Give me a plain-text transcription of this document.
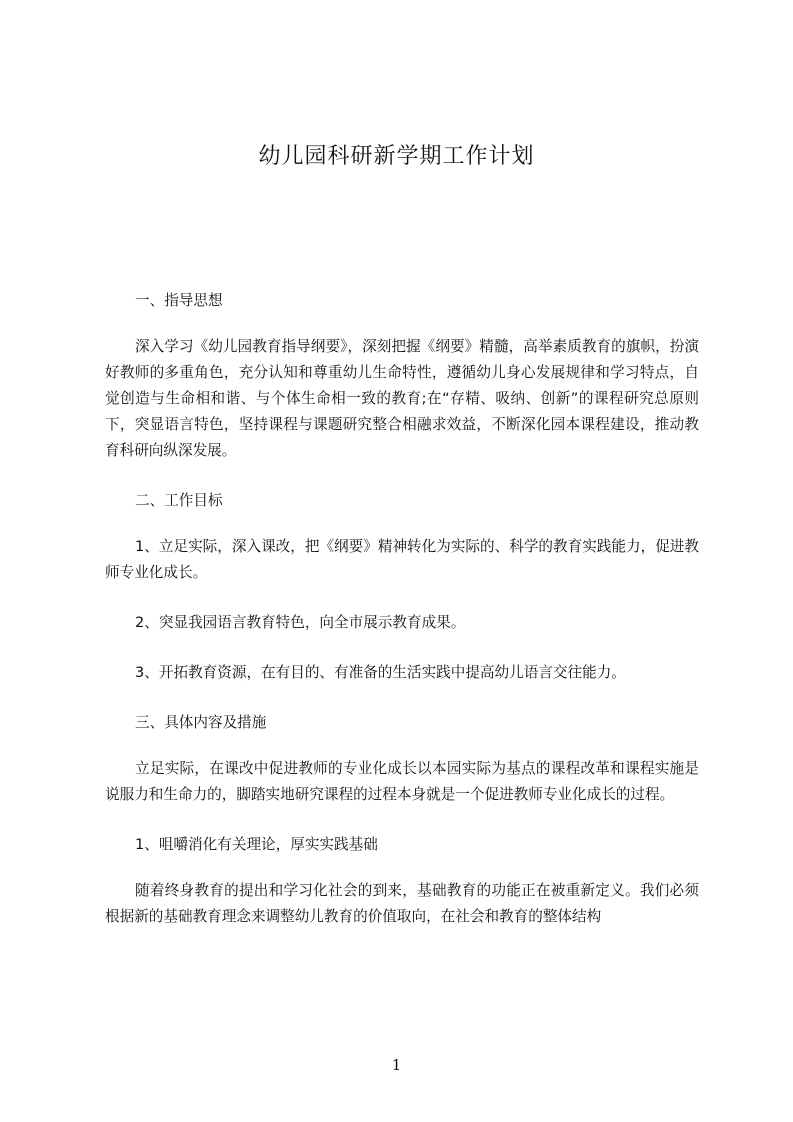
幼儿园科研新学期工作计划

一、指导思想

深入学习《幼儿园教育指导纲要》，深刻把握《纲要》精髓，高举素质教育的旗帜，扮演好教师的多重角色，充分认知和尊重幼儿生命特性，遵循幼儿身心发展规律和学习特点，自觉创造与生命相和谐、与个体生命相一致的教育;在“存精、吸纳、创新”的课程研究总原则下，突显语言特色，坚持课程与课题研究整合相融求效益，不断深化园本课程建设，推动教育科研向纵深发展。

二、工作目标

1、立足实际，深入课改，把《纲要》精神转化为实际的、科学的教育实践能力，促进教师专业化成长。

2、突显我园语言教育特色，向全市展示教育成果。

3、开拓教育资源，在有目的、有准备的生活实践中提高幼儿语言交往能力。

三、具体内容及措施

立足实际，在课改中促进教师的专业化成长以本园实际为基点的课程改革和课程实施是说服力和生命力的，脚踏实地研究课程的过程本身就是一个促进教师专业化成长的过程。

1、咀嚼消化有关理论，厚实实践基础

随着终身教育的提出和学习化社会的到来，基础教育的功能正在被重新定义。我们必须根据新的基础教育理念来调整幼儿教育的价值取向，在社会和教育的整体结构

1
